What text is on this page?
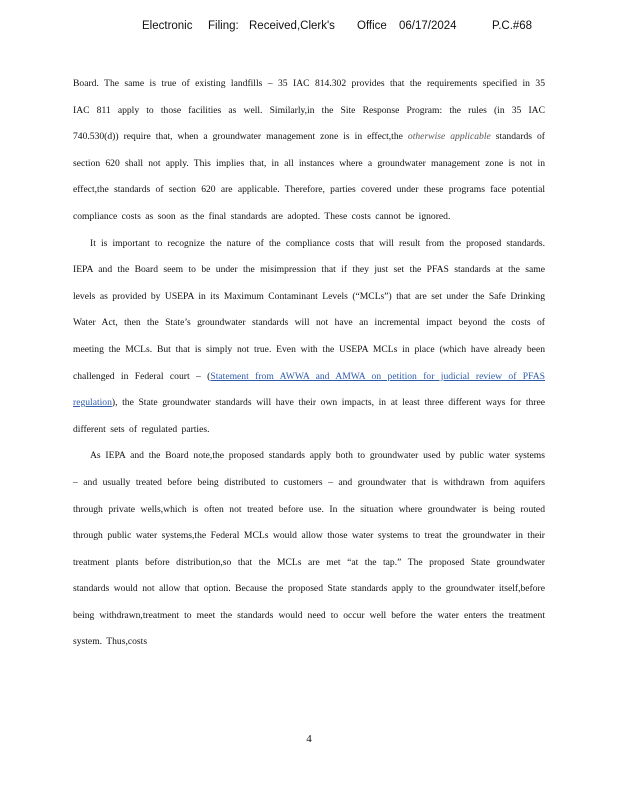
Electronic Filing: Received,Clerk's Office 06/17/2024	P.C.#68

Board. The same is true of existing landfills – 35 IAC 814.302 provides that the requirements specified in 35 IAC 811 apply to those facilities as well. Similarly,in the Site Response Program: the rules (in 35 IAC 740.530(d)) require that, when a groundwater management zone is in effect,the otherwise applicable standards of section 620 shall not apply. This implies that, in all instances where a groundwater management zone is not in effect,the standards of section 620 are applicable. Therefore, parties covered under these programs face potential compliance costs as soon as the final standards are adopted. These costs cannot be ignored.

It is important to recognize the nature of the compliance costs that will result from the proposed standards. IEPA and the Board seem to be under the misimpression that if they just set the PFAS standards at the same levels as provided by USEPA in its Maximum Contaminant Levels (“MCLs”) that are set under the Safe Drinking Water Act, then the State’s groundwater standards will not have an incremental impact beyond the costs of meeting the MCLs. But that is simply not true. Even with the USEPA MCLs in place (which have already been challenged in Federal court – (Statement from AWWA and AMWA on petition for judicial review of PFAS regulation), the State groundwater standards will have their own impacts, in at least three different ways for three different sets of regulated parties.

As IEPA and the Board note,the proposed standards apply both to groundwater used by public water systems – and usually treated before being distributed to customers – and groundwater that is withdrawn from aquifers through private wells,which is often not treated before use. In the situation where groundwater is being routed through public water systems,the Federal MCLs would allow those water systems to treat the groundwater in their treatment plants before distribution,so that the MCLs are met “at the tap.” The proposed State groundwater standards would not allow that option. Because the proposed State standards apply to the groundwater itself,before being withdrawn,treatment to meet the standards would need to occur well before the water enters the treatment system. Thus,costs

4
